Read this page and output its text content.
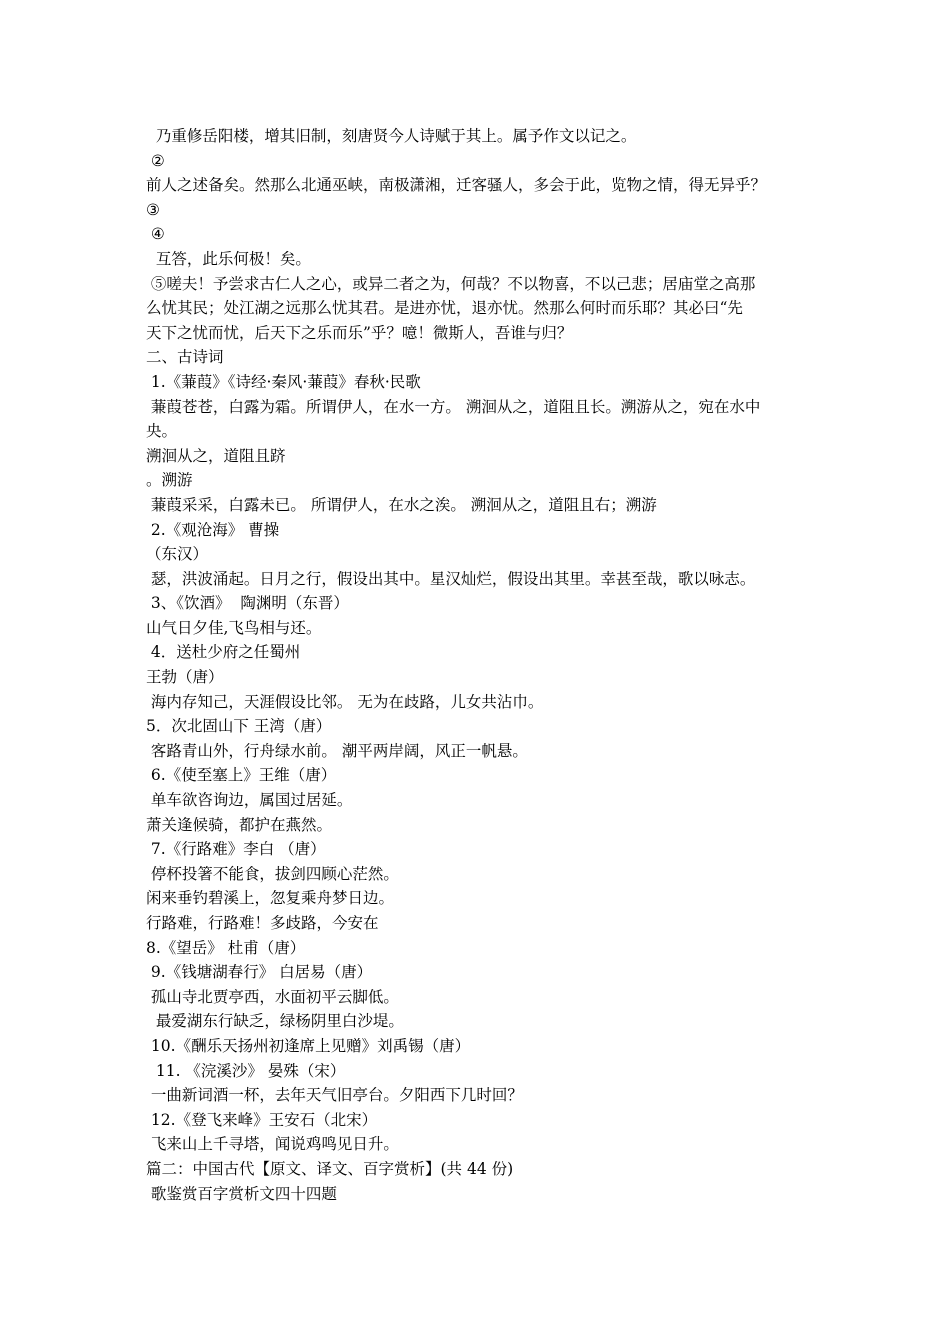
乃重修岳阳楼，增其旧制，刻唐贤今人诗赋于其上。属予作文以记之。
②
前人之述备矣。然那么北通巫峡，南极潇湘，迁客骚人，多会于此，览物之情，得无异乎？
③
④
互答，此乐何极！矣。
⑤嗟夫！予尝求古仁人之心，或异二者之为，何哉？不以物喜，不以己悲；居庙堂之高那
么忧其民；处江湖之远那么忧其君。是进亦忧，退亦忧。然那么何时而乐耶？其必曰“先
天下之忧而忧，后天下之乐而乐”乎？噫！微斯人，吾谁与归？
二、古诗词
1.《蒹葭》《诗经·秦风·蒹葭》春秋·民歌
蒹葭苍苍，白露为霜。所谓伊人，在水一方。 溯洄从之，道阻且长。溯游从之，宛在水中
央。
溯洄从之，道阻且跻
。溯游
蒹葭采采，白露未已。 所谓伊人，在水之涘。 溯洄从之，道阻且右；溯游
2.《观沧海》 曹操
（东汉）
瑟，洪波涌起。日月之行，假设出其中。星汉灿烂，假设出其里。幸甚至哉，歌以咏志。
3、《饮酒》  陶渊明（东晋）
山气日夕佳,飞鸟相与还。
4．送杜少府之任蜀州
王勃（唐）
海内存知己，天涯假设比邻。 无为在歧路，儿女共沾巾。
5．次北固山下 王湾（唐）
客路青山外，行舟绿水前。 潮平两岸阔，风正一帆悬。
6.《使至塞上》王维（唐）
单车欲咨询边，属国过居延。
萧关逢候骑，都护在燕然。
7.《行路难》李白 （唐）
停杯投箸不能食，拔剑四顾心茫然。
闲来垂钓碧溪上，忽复乘舟梦日边。
行路难，行路难！多歧路，今安在
8.《望岳》 杜甫（唐）
9.《钱塘湖春行》 白居易（唐）
孤山寺北贾亭西，水面初平云脚低。
最爱湖东行缺乏，绿杨阴里白沙堤。
10.《酬乐天扬州初逢席上见赠》刘禹锡（唐）
11. 《浣溪沙》 晏殊（宋）
一曲新词酒一杯，去年天气旧亭台。夕阳西下几时回？
12.《登飞来峰》王安石（北宋）
飞来山上千寻塔，闻说鸡鸣见日升。
篇二：中国古代【原文、译文、百字赏析】(共 44 份)
歌鉴赏百字赏析文四十四题
